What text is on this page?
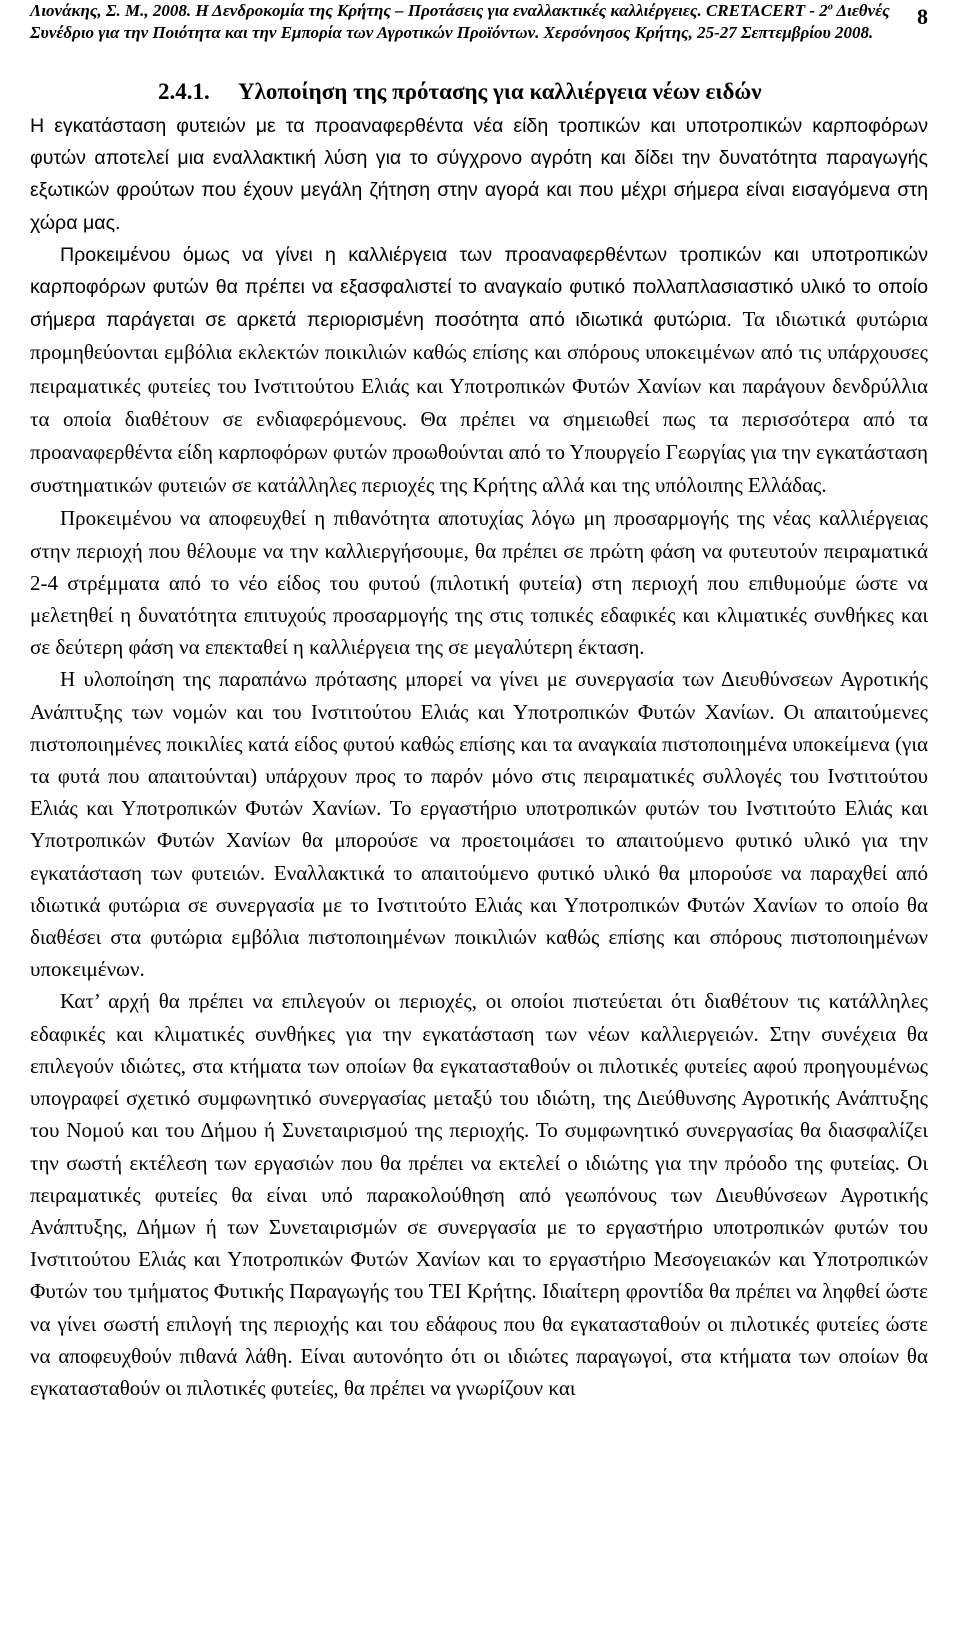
Λιονάκης, Σ. Μ., 2008. Η Δενδροκομία της Κρήτης – Προτάσεις για εναλλακτικές καλλιέργειες. CRETACERT - $2^o$ Διεθνές
Συνέδριο για την Ποιότητα και την Εμπορία των Αγροτικών Προϊόντων. Χερσόνησος Κρήτης, 25-27 Σεπτεμβρίου 2008.
8
2.4.1. Υλοποίηση της πρότασης για καλλιέργεια νέων ειδών

Η εγκατάσταση φυτειών με τα προαναφερθέντα νέα είδη τροπικών και υποτροπικών καρποφόρων φυτών αποτελεί μια εναλλακτική λύση για το σύγχρονο αγρότη και δίδει την δυνατότητα παραγωγής εξωτικών φρούτων που έχουν μεγάλη ζήτηση στην αγορά και που μέχρι σήμερα είναι εισαγόμενα στη χώρα μας.

Προκειμένου όμως να γίνει η καλλιέργεια των προαναφερθέντων τροπικών και υποτροπικών καρποφόρων φυτών θα πρέπει να εξασφαλιστεί το αναγκαίο φυτικό πολλαπλασιαστικό υλικό το οποίο σήμερα παράγεται σε αρκετά περιορισμένη ποσότητα από ιδιωτικά φυτώρια. Τα ιδιωτικά φυτώρια προμηθεύονται εμβόλια εκλεκτών ποικιλιών καθώς επίσης και σπόρους υποκειμένων από τις υπάρχουσες πειραματικές φυτείες του Ινστιτούτου Ελιάς και Υποτροπικών Φυτών Χανίων και παράγουν δενδρύλλια τα οποία διαθέτουν σε ενδιαφερόμενους. Θα πρέπει να σημειωθεί πως τα περισσότερα από τα προαναφερθέντα είδη καρποφόρων φυτών προωθούνται από το Υπουργείο Γεωργίας για την εγκατάσταση συστηματικών φυτειών σε κατάλληλες περιοχές της Κρήτης αλλά και της υπόλοιπης Ελλάδας.

Προκειμένου να αποφευχθεί η πιθανότητα αποτυχίας λόγω μη προσαρμογής της νέας καλλιέργειας στην περιοχή που θέλουμε να την καλλιεργήσουμε, θα πρέπει σε πρώτη φάση να φυτευτούν πειραματικά 2-4 στρέμματα από το νέο είδος του φυτού (πιλοτική φυτεία) στη περιοχή που επιθυμούμε ώστε να μελετηθεί η δυνατότητα επιτυχούς προσαρμογής της στις τοπικές εδαφικές και κλιματικές συνθήκες και σε δεύτερη φάση να επεκταθεί η καλλιέργεια της σε μεγαλύτερη έκταση.

Η υλοποίηση της παραπάνω πρότασης μπορεί να γίνει με συνεργασία των Διευθύνσεων Αγροτικής Ανάπτυξης των νομών και του Ινστιτούτου Ελιάς και Υποτροπικών Φυτών Χανίων. Οι απαιτούμενες πιστοποιημένες ποικιλίες κατά είδος φυτού καθώς επίσης και τα αναγκαία πιστοποιημένα υποκείμενα (για τα φυτά που απαιτούνται) υπάρχουν προς το παρόν μόνο στις πειραματικές συλλογές του Ινστιτούτου Ελιάς και Υποτροπικών Φυτών Χανίων. Το εργαστήριο υποτροπικών φυτών του Ινστιτούτο Ελιάς και Υποτροπικών Φυτών Χανίων θα μπορούσε να προετοιμάσει το απαιτούμενο φυτικό υλικό για την εγκατάσταση των φυτειών. Εναλλακτικά το απαιτούμενο φυτικό υλικό θα μπορούσε να παραχθεί από ιδιωτικά φυτώρια σε συνεργασία με το Ινστιτούτο Ελιάς και Υποτροπικών Φυτών Χανίων το οποίο θα διαθέσει στα φυτώρια εμβόλια πιστοποιημένων ποικιλιών καθώς επίσης και σπόρους πιστοποιημένων υποκειμένων.

Κατ’ αρχή θα πρέπει να επιλεγούν οι περιοχές, οι οποίοι πιστεύεται ότι διαθέτουν τις κατάλληλες εδαφικές και κλιματικές συνθήκες για την εγκατάσταση των νέων καλλιεργειών. Στην συνέχεια θα επιλεγούν ιδιώτες, στα κτήματα των οποίων θα εγκατασταθούν οι πιλοτικές φυτείες αφού προηγουμένως υπογραφεί σχετικό συμφωνητικό συνεργασίας μεταξύ του ιδιώτη, της Διεύθυνσης Αγροτικής Ανάπτυξης του Νομού και του Δήμου ή Συνεταιρισμού της περιοχής. Το συμφωνητικό συνεργασίας θα διασφαλίζει την σωστή εκτέλεση των εργασιών που θα πρέπει να εκτελεί ο ιδιώτης για την πρόοδο της φυτείας. Οι πειραματικές φυτείες θα είναι υπό παρακολούθηση από γεωπόνους των Διευθύνσεων Αγροτικής Ανάπτυξης, Δήμων ή των Συνεταιρισμών σε συνεργασία με το εργαστήριο υποτροπικών φυτών του Ινστιτούτου Ελιάς και Υποτροπικών Φυτών Χανίων και το εργαστήριο Μεσογειακών και Υποτροπικών Φυτών του τμήματος Φυτικής Παραγωγής του ΤΕΙ Κρήτης. Ιδιαίτερη φροντίδα θα πρέπει να ληφθεί ώστε να γίνει σωστή επιλογή της περιοχής και του εδάφους που θα εγκατασταθούν οι πιλοτικές φυτείες ώστε να αποφευχθούν πιθανά λάθη. Είναι αυτονόητο ότι οι ιδιώτες παραγωγοί, στα κτήματα των οποίων θα εγκατασταθούν οι πιλοτικές φυτείες, θα πρέπει να γνωρίζουν και
